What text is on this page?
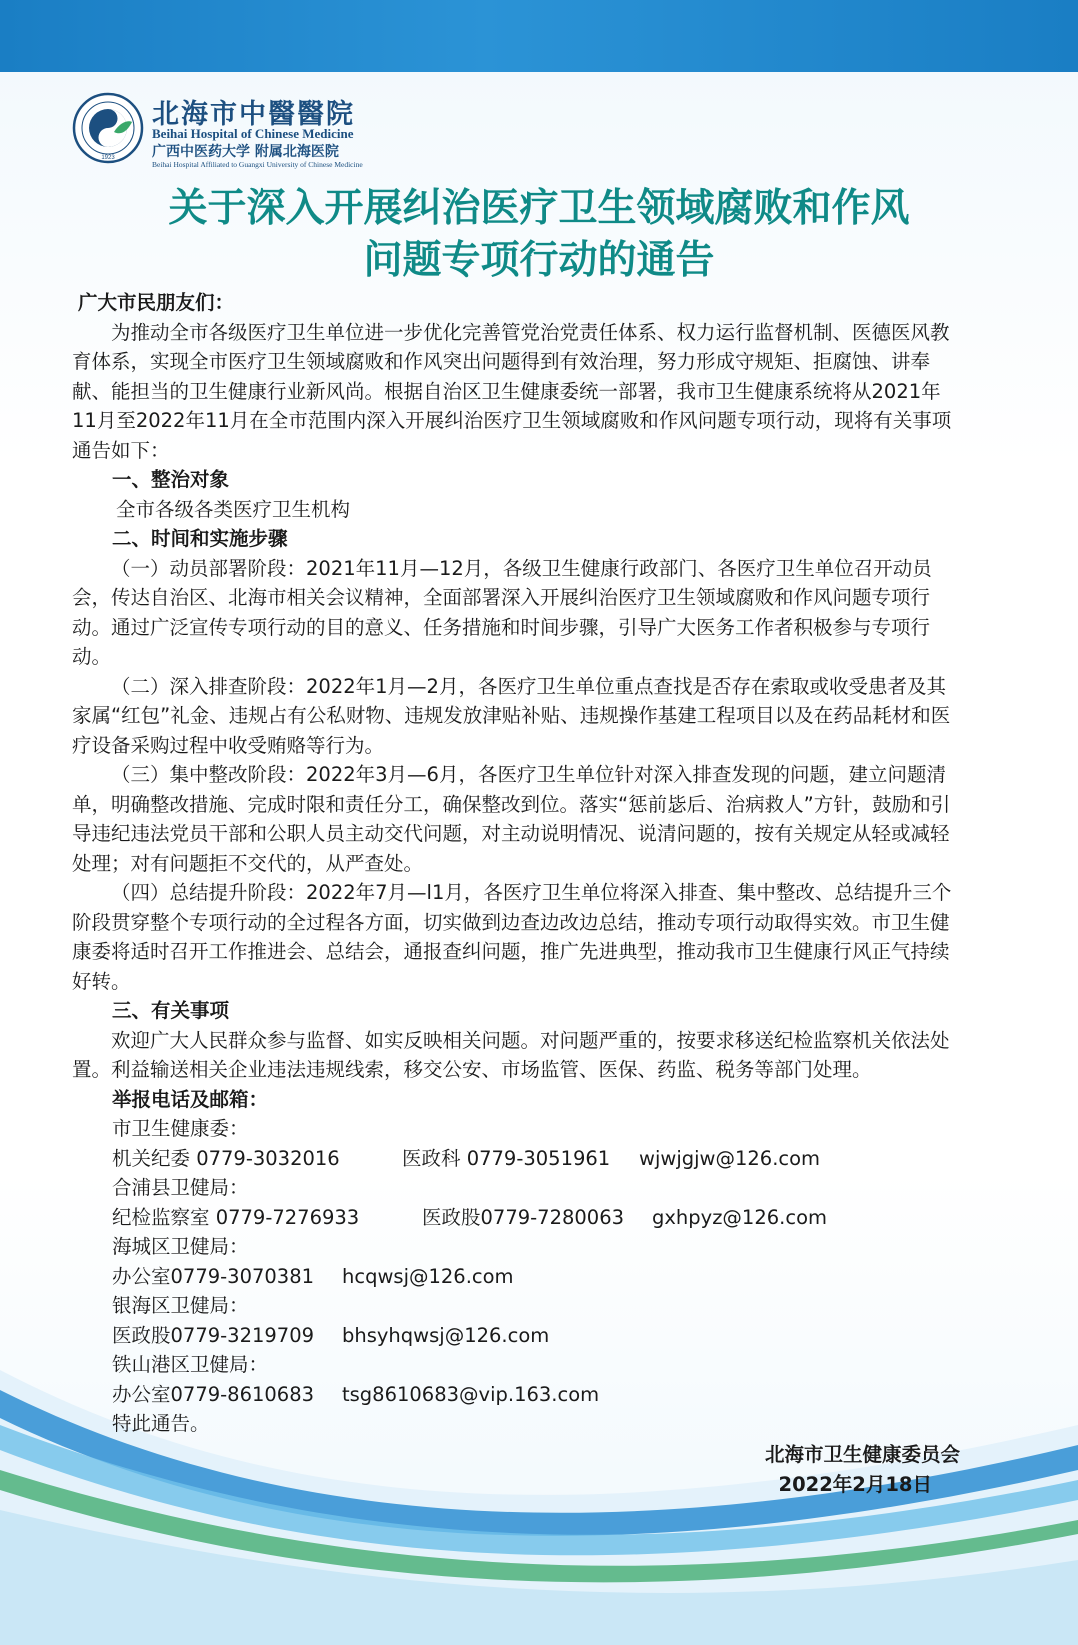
1923
北海市中醫醫院
Beihai Hospital of Chinese Medicine
广西中医药大学 附属北海医院
Beihai Hospital Affiliated to Guangxi University of Chinese Medicine
关于深入开展纠治医疗卫生领域腐败和作风
问题专项行动的通告

广大市民朋友们：

为推动全市各级医疗卫生单位进一步优化完善管党治党责任体系、权力运行监督机制、医德医风教育体系，实现全市医疗卫生领域腐败和作风突出问题得到有效治理，努力形成守规矩、拒腐蚀、讲奉献、能担当的卫生健康行业新风尚。根据自治区卫生健康委统一部署，我市卫生健康系统将从2021年11月至2022年11月在全市范围内深入开展纠治医疗卫生领域腐败和作风问题专项行动，现将有关事项通告如下：

一、整治对象

全市各级各类医疗卫生机构

二、时间和实施步骤

（一）动员部署阶段：2021年11月—12月，各级卫生健康行政部门、各医疗卫生单位召开动员会，传达自治区、北海市相关会议精神，全面部署深入开展纠治医疗卫生领域腐败和作风问题专项行动。通过广泛宣传专项行动的目的意义、任务措施和时间步骤，引导广大医务工作者积极参与专项行动。

（二）深入排查阶段：2022年1月—2月，各医疗卫生单位重点查找是否存在索取或收受患者及其家属“红包”礼金、违规占有公私财物、违规发放津贴补贴、违规操作基建工程项目以及在药品耗材和医疗设备采购过程中收受贿赂等行为。

（三）集中整改阶段：2022年3月—6月，各医疗卫生单位针对深入排查发现的问题，建立问题清单，明确整改措施、完成时限和责任分工，确保整改到位。落实“惩前毖后、治病救人”方针，鼓励和引导违纪违法党员干部和公职人员主动交代问题，对主动说明情况、说清问题的，按有关规定从轻或减轻处理；对有问题拒不交代的，从严查处。

（四）总结提升阶段：2022年7月—l1月，各医疗卫生单位将深入排查、集中整改、总结提升三个阶段贯穿整个专项行动的全过程各方面，切实做到边查边改边总结，推动专项行动取得实效。市卫生健康委将适时召开工作推进会、总结会，通报查纠问题，推广先进典型，推动我市卫生健康行风正气持续好转。

三、有关事项

欢迎广大人民群众参与监督、如实反映相关问题。对问题严重的，按要求移送纪检监察机关依法处置。利益输送相关企业违法违规线索，移交公安、市场监管、医保、药监、税务等部门处理。

举报电话及邮箱：

市卫生健康委：

机关纪委 0779-3032016	医政科 0779-3051961	wjwjgjw@126.com

合浦县卫健局：

纪检监察室 0779-7276933	医政股0779-7280063	gxhpyz@126.com

海城区卫健局：

办公室0779-3070381	hcqwsj@126.com

银海区卫健局：

医政股0779-3219709	bhsyhqwsj@126.com

铁山港区卫健局：

办公室0779-8610683	tsg8610683@vip.163.com

特此通告。

北海市卫生健康委员会
2022年2月18日
